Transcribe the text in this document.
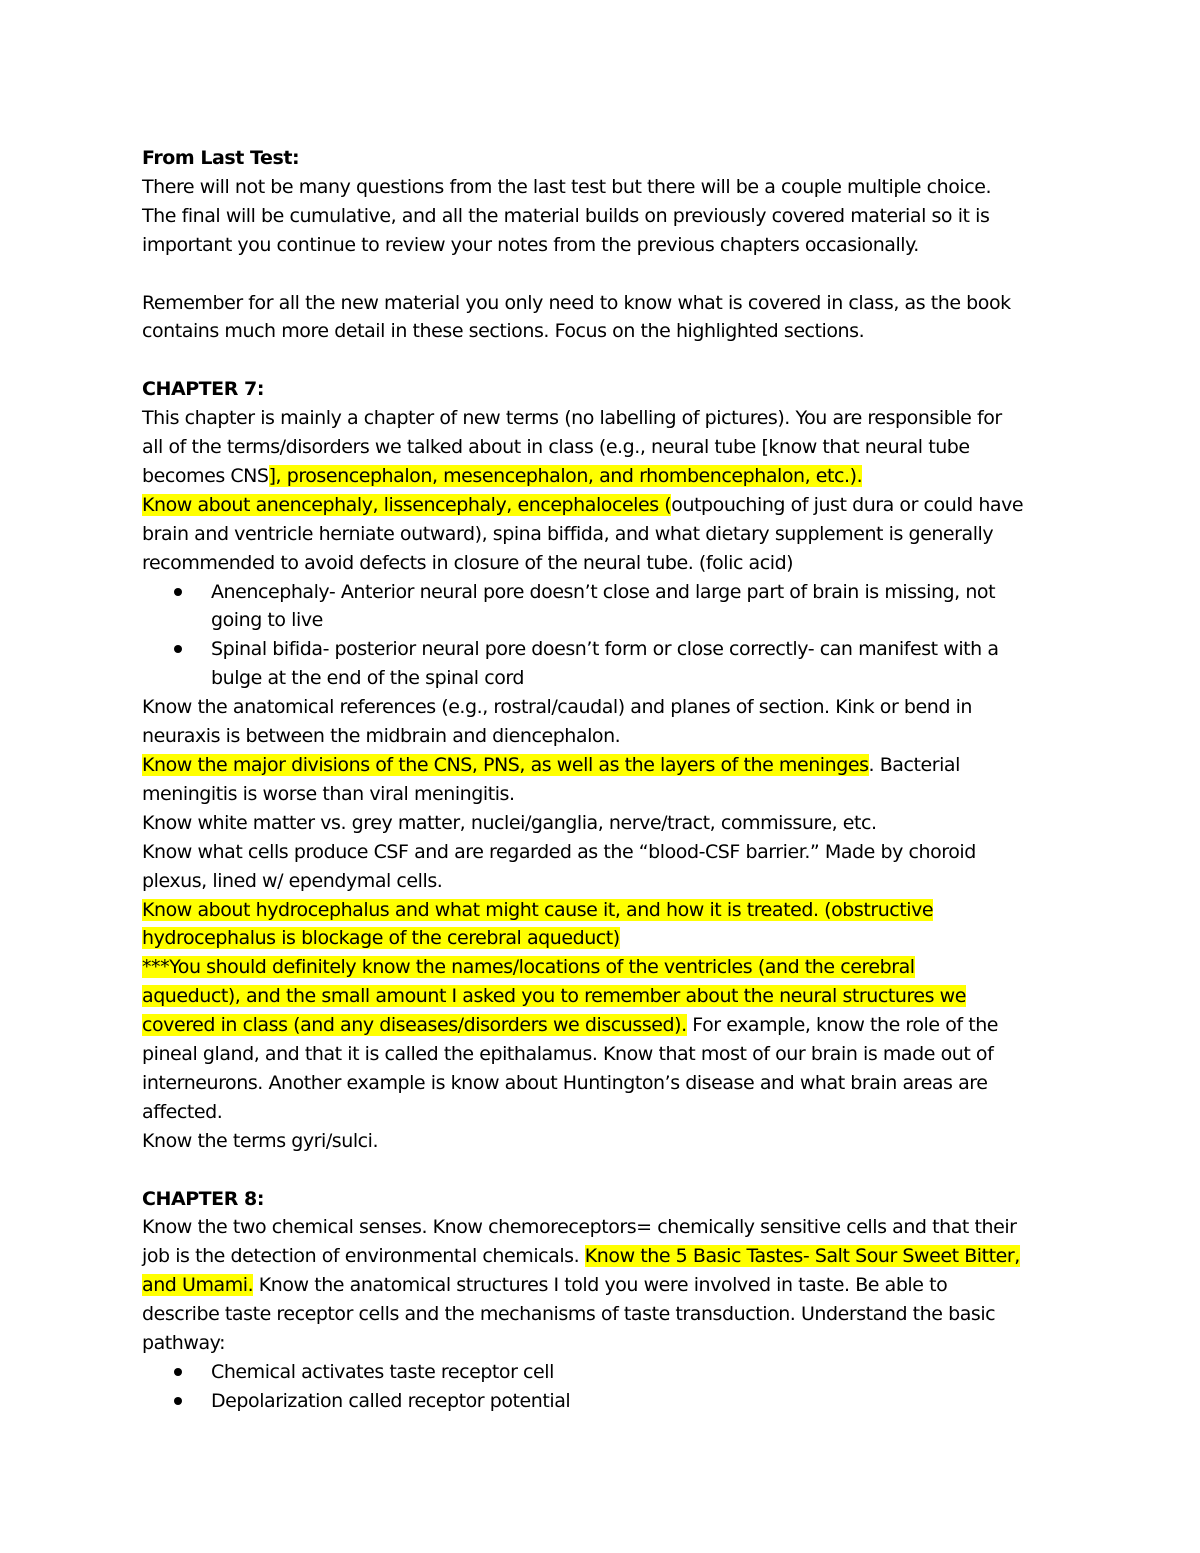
From Last Test:
There will not be many questions from the last test but there will be a couple multiple choice.
The final will be cumulative, and all the material builds on previously covered material so it is
important you continue to review your notes from the previous chapters occasionally.
Remember for all the new material you only need to know what is covered in class, as the book
contains much more detail in these sections. Focus on the highlighted sections.
CHAPTER 7:
This chapter is mainly a chapter of new terms (no labelling of pictures). You are responsible for
all of the terms/disorders we talked about in class (e.g., neural tube [know that neural tube
becomes CNS], prosencephalon, mesencephalon, and rhombencephalon, etc.).
Know about anencephaly, lissencephaly, encephaloceles (outpouching of just dura or could have
brain and ventricle herniate outward), spina biffida, and what dietary supplement is generally
recommended to avoid defects in closure of the neural tube. (folic acid)
Anencephaly- Anterior neural pore doesn’t close and large part of brain is missing, not
going to live
Spinal bifida- posterior neural pore doesn’t form or close correctly- can manifest with a
bulge at the end of the spinal cord
Know the anatomical references (e.g., rostral/caudal) and planes of section. Kink or bend in
neuraxis is between the midbrain and diencephalon.
Know the major divisions of the CNS, PNS, as well as the layers of the meninges. Bacterial
meningitis is worse than viral meningitis.
Know white matter vs. grey matter, nuclei/ganglia, nerve/tract, commissure, etc.
Know what cells produce CSF and are regarded as the “blood-CSF barrier.” Made by choroid
plexus, lined w/ ependymal cells.
Know about hydrocephalus and what might cause it, and how it is treated. (obstructive
hydrocephalus is blockage of the cerebral aqueduct)
***You should definitely know the names/locations of the ventricles (and the cerebral
aqueduct), and the small amount I asked you to remember about the neural structures we
covered in class (and any diseases/disorders we discussed). For example, know the role of the
pineal gland, and that it is called the epithalamus. Know that most of our brain is made out of
interneurons. Another example is know about Huntington’s disease and what brain areas are
affected.
Know the terms gyri/sulci.
CHAPTER 8:
Know the two chemical senses. Know chemoreceptors= chemically sensitive cells and that their
job is the detection of environmental chemicals. Know the 5 Basic Tastes- Salt Sour Sweet Bitter,
and Umami. Know the anatomical structures I told you were involved in taste. Be able to
describe taste receptor cells and the mechanisms of taste transduction. Understand the basic
pathway:
Chemical activates taste receptor cell
Depolarization called receptor potential
